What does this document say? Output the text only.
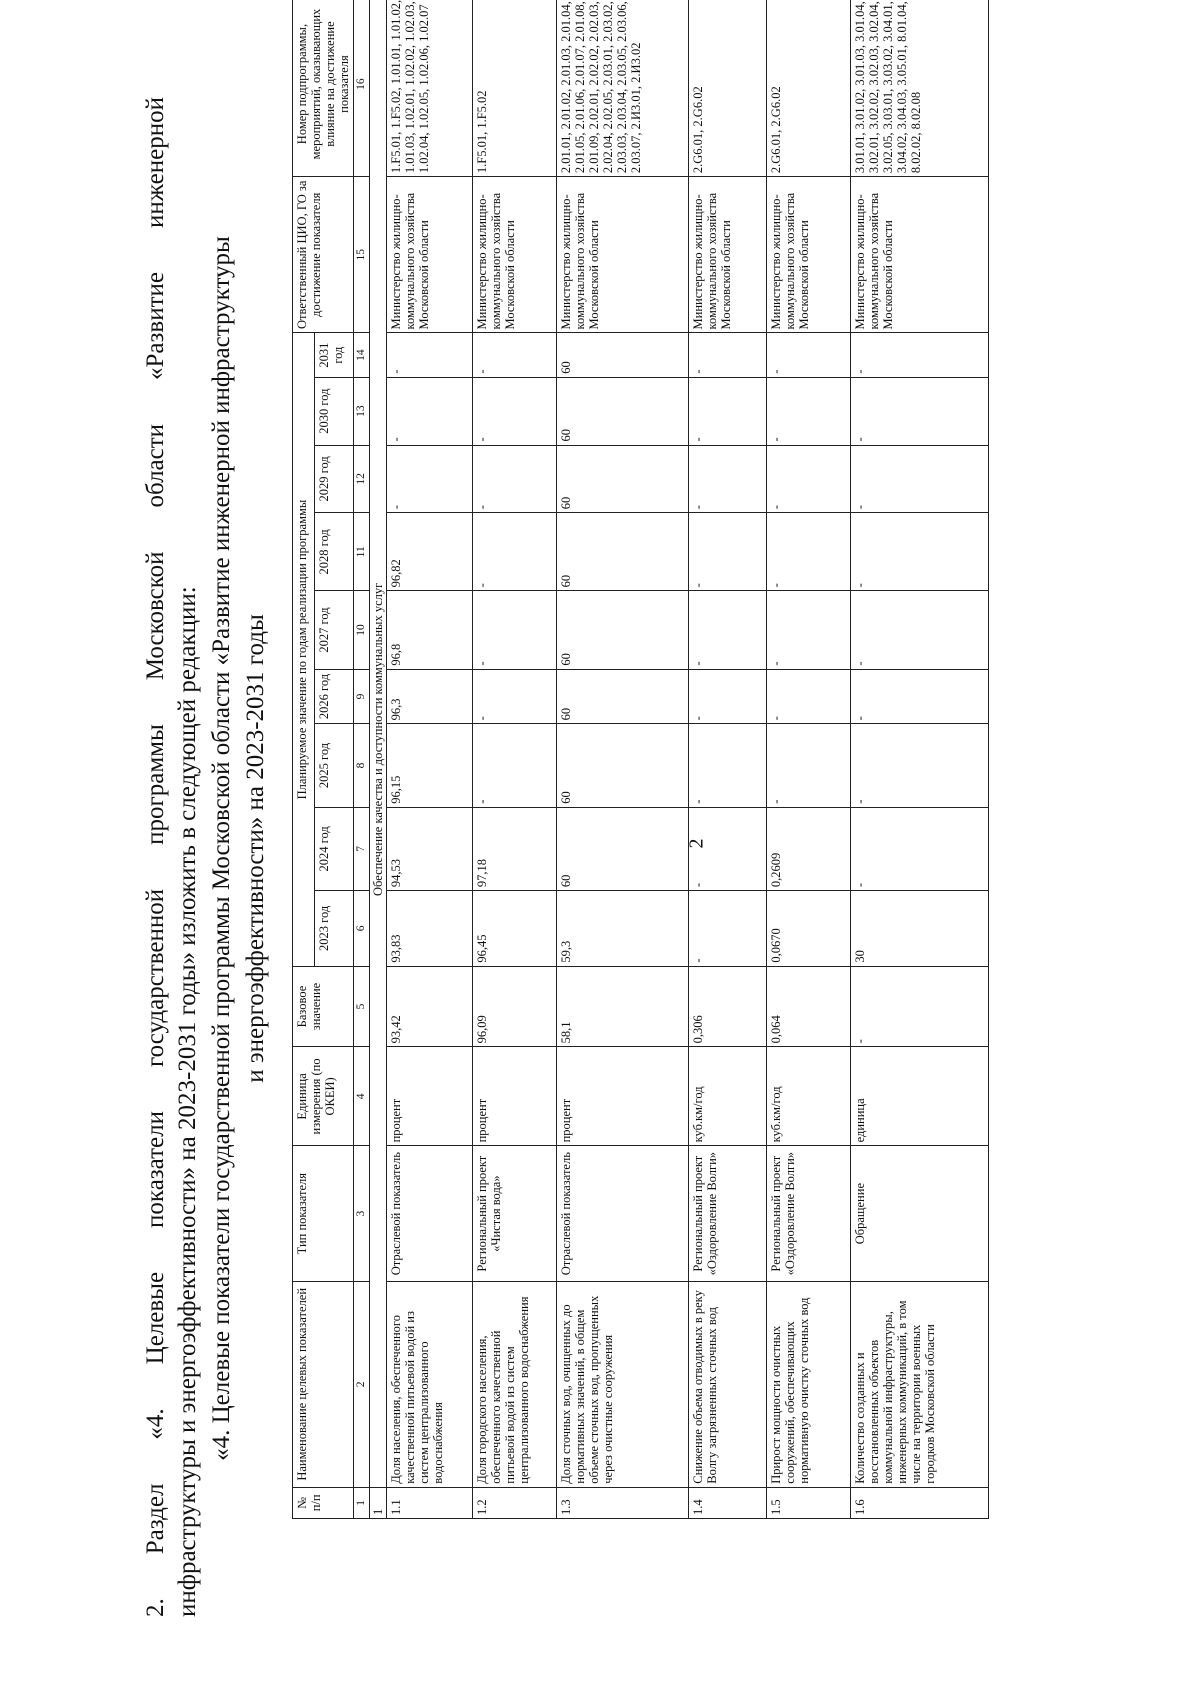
2
2. Раздел «4. Целевые показатели государственной программы Московской области «Развитие инженерной инфраструктуры и энергоэффективности» на 2023-2031 годы» изложить в следующей редакции: «4. Целевые показатели государственной программы Московской области «Развитие инженерной инфраструктуры и энергоэффективности» на 2023-2031 годы
№ п/п	Наименование целевых показателей	Тип показателя	Единица измерения (по ОКЕИ)	Базовое значение	Планируемое значение по годам реализации программы									Ответственный ЦИО, ГО за достижение показателя	Номер подпрограммы, мероприятий, оказывающих влияние на достижение показателя
					2023 год	2024 год	2025 год	2026 год	2027 год	2028 год	2029 год	2030 год	2031 год		
1	2	3	4	5	6	7	8	9	10	11	12	13	14	15	16
1	Обеспечение качества и доступности коммунальных услуг														
1.1	Доля населения, обеспеченного качественной питьевой водой из систем централизованного водоснабжения	Отраслевой показатель	процент	93,42	93,83	94,53	96,15	96,3	96,8	96,82	-	-	-	Министерство жилищно-коммунального хозяйства Московской области	1.F5.01, 1.F5.02, 1.01.01, 1.01.02, 1.01.03, 1.02.01, 1.02.02, 1.02.03, 1.02.04, 1.02.05, 1.02.06, 1.02.07
1.2	Доля городского населения, обеспеченного качественной питьевой водой из систем централизованного водоснабжения	Региональный проект «Чистая вода»	процент	96,09	96,45	97,18	-	-	-	-	-	-	-	Министерство жилищно-коммунального хозяйства Московской области	1.F5.01, 1.F5.02
1.3	Доля сточных вод, очищенных до нормативных значений, в общем объеме сточных вод, пропущенных через очистные сооружения	Отраслевой показатель	процент	58,1	59,3	60	60	60	60	60	60	60	60	Министерство жилищно-коммунального хозяйства Московской области	2.01.01, 2.01.02, 2.01.03, 2.01.04, 2.01.05, 2.01.06, 2.01.07, 2.01.08, 2.01.09, 2.02.01, 2.02.02, 2.02.03, 2.02.04, 2.02.05, 2.03.01, 2.03.02, 2.03.03, 2.03.04, 2.03.05, 2.03.06, 2.03.07, 2.И3.01, 2.И3.02
1.4	Снижение объема отводимых в реку Волгу загрязненных сточных вод	Региональный проект «Оздоровление Волги»	куб.км/год	0,306	-	-	-	-	-	-	-	-	-	Министерство жилищно-коммунального хозяйства Московской области	2.G6.01, 2.G6.02
1.5	Прирост мощности очистных сооружений, обеспечивающих нормативную очистку сточных вод	Региональный проект «Оздоровление Волги»	куб.км/год	0,064	0,0670	0,2609	-	-	-	-	-	-	-	Министерство жилищно-коммунального хозяйства Московской области	2.G6.01, 2.G6.02
1.6	Количество созданных и восстановленных объектов коммунальной инфраструктуры, инженерных коммуникаций, в том числе на территории военных городков Московской области	Обращение	единица	-	30	-	-	-	-	-	-	-	-	Министерство жилищно-коммунального хозяйства Московской области	3.01.01, 3.01.02, 3.01.03, 3.01.04, 3.02.01, 3.02.02, 3.02.03, 3.02.04, 3.02.05, 3.03.01, 3.03.02, 3.04.01, 3.04.02, 3.04.03, 3.05.01, 8.01.04, 8.02.02, 8.02.08
